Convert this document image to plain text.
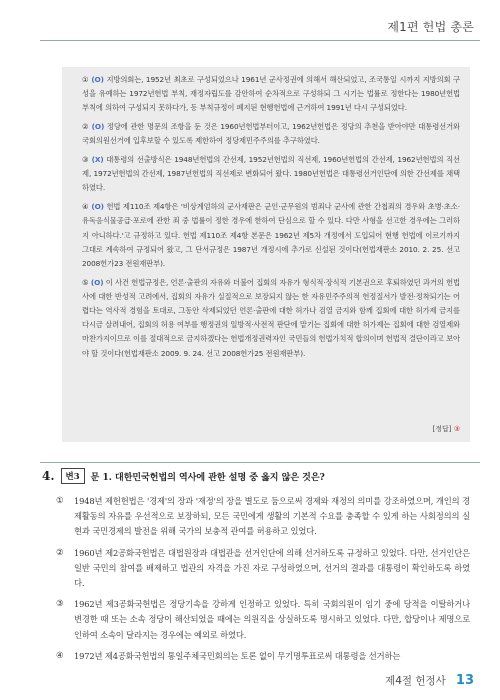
제1편 헌법 총론

① (O) 지방의회는, 1952년 최초로 구성되었으나 1961년 군사정권에 의해서 해산되었고, 조국통일 시까지 지방의회 구성을 유예하는 1972년헌법 부칙, 재정자립도를 감안하여 순차적으로 구성하되 그 시기는 법률로 정한다는 1980년헌법 부칙에 의하여 구성되지 못하다가, 동 부칙규정이 폐지된 현행헌법에 근거하여 1991년 다시 구성되었다.

② (O) 정당에 관한 명문의 조항을 둔 것은 1960년헌법부터이고, 1962년헌법은 정당의 추천을 받아야만 대통령선거와 국회의원선거에 입후보할 수 있도록 제한하여 정당제민주주의를 추구하였다.

③ (X) 대통령의 선출방식은 1948년헌법의 간선제, 1952년헌법의 직선제, 1960년헌법의 간선제, 1962년헌법의 직선제, 1972년헌법의 간선제, 1987년헌법의 직선제로 변화되어 왔다. 1980년헌법은 대통령선거인단에 의한 간선제를 채택하였다.

④ (O) 헌법 제110조 제4항은 '비상계엄하의 군사재판은 군인·군무원의 범죄나 군사에 관한 간첩죄의 경우와 초병·초소·유독음식물공급·포로에 관한 죄 중 법률이 정한 경우에 한하여 단심으로 할 수 있다. 다만 사형을 선고한 경우에는 그러하지 아니하다.'고 규정하고 있다. 헌법 제110조 제4항 본문은 1962년 제5차 개정에서 도입되어 현행 헌법에 이르기까지 그대로 계속하여 규정되어 왔고, 그 단서규정은 1987년 개정시에 추가로 신설된 것이다(헌법재판소 2010. 2. 25. 선고 2008헌가23 전원재판부).

⑤ (O) 이 사건 헌법규정은, 언론·출판의 자유와 더불어 집회의 자유가 형식적·장식적 기본권으로 후퇴하였던 과거의 헌법사에 대한 반성적 고려에서, 집회의 자유가 실질적으로 보장되지 않는 한 자유민주주의적 헌정질서가 발전·정착되기는 어렵다는 역사적 경험을 토대로, 그동안 삭제되었던 언론·출판에 대한 허가나 검열 금지와 함께 집회에 대한 허가제 금지를 다시금 살려내어, 집회의 허용 여부를 행정권의 일방적·사전적 판단에 맡기는 집회에 대한 허가제는 집회에 대한 검열제와 마찬가지이므로 이를 절대적으로 금지하겠다는 헌법개정권력자인 국민들의 헌법가치적 합의이며 헌법적 결단이라고 보아야 할 것이다(헌법재판소 2009. 9. 24. 선고 2008헌가25 전원재판부).

[정답] ③
4.	변3	문 1. 대한민국헌법의 역사에 관한 설명 중 옳지 않은 것은?
①	1948년 제헌헌법은 '경제'의 장과 '재정'의 장을 별도로 둠으로써 경제와 재정의 의미를 강조하였으며, 개인의 경제활동의 자유를 우선적으로 보장하되, 모든 국민에게 생활의 기본적 수요를 충족할 수 있게 하는 사회정의의 실현과 국민경제의 발전을 위해 국가의 보충적 관여를 허용하고 있었다.
②	1960년 제2공화국헌법은 대법원장과 대법관을 선거인단에 의해 선거하도록 규정하고 있었다. 다만, 선거인단은 일반 국민의 참여를 배제하고 법관의 자격을 가진 자로 구성하였으며, 선거의 결과를 대통령이 확인하도록 하였다.
③	1962년 제3공화국헌법은 정당기속을 강하게 인정하고 있었다. 특히 국회의원이 임기 중에 당적을 이탈하거나 변경한 때 또는 소속 정당이 해산되었을 때에는 의원직을 상실하도록 명시하고 있었다. 다만, 합당이나 제명으로 인하여 소속이 달라지는 경우에는 예외로 하였다.
④	1972년 제4공화국헌법의 통일주체국민회의는 토론 없이 무기명투표로써 대통령을 선거하는
제4절 헌정사 13
